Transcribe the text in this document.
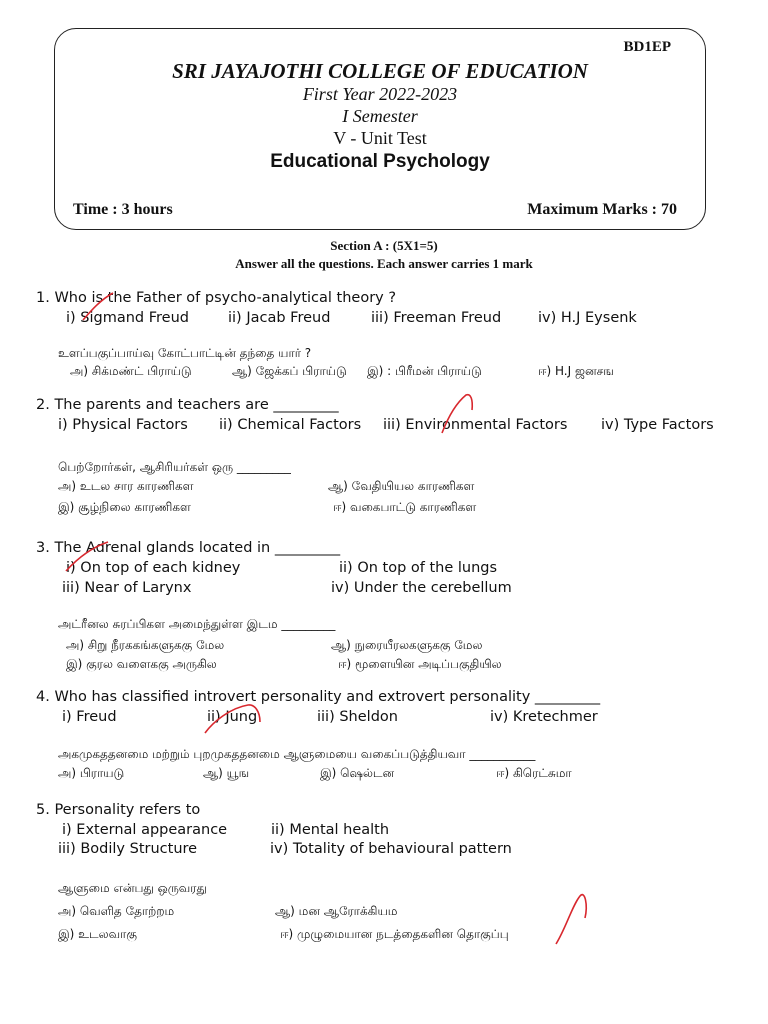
BD1EP
SRI JAYAJOTHI COLLEGE OF EDUCATION
First Year 2022-2023
I Semester
V - Unit Test
Educational Psychology
Time : 3 hours	Maximum Marks : 70
Section A : (5X1=5)
Answer all the questions. Each answer carries 1 mark
1. Who is the Father of psycho-analytical theory ?
i) Sigmand Freud	ii) Jacab Freud	iii) Freeman Freud	iv) H.J Eysenk
உளப்பகுப்பாய்வு கோட்பாட்டின் தந்தை யார் ?
அ) சிக்மண்ட் பிராய்டு	ஆ) ஜேக்கப் பிராய்டு இ) : பிரீமன் பிராய்டு	ஈ) H.J ஜனசங
2. The parents and teachers are _________
i) Physical Factors ii) Chemical Factors iii) Environmental Factors iv) Type Factors
பெற்றோர்கள், ஆசிரியர்கள் ஒரு _________
அ) உடல சார காரணிகள	ஆ) வேதியியல காரணிகள
இ) சூழ்நிலை காரணிகள	ஈ) வகைபாட்டு காரணிகள
3. The Adrenal glands located in _________
i) On top of each kidney	ii) On top of the lungs
iii) Near of Larynx	iv) Under the cerebellum
அட்ரீனல சுரப்பிகள அமைந்துள்ள இடம _________
அ) சிறு நீரககங்களுககு மேல	ஆ) நுரையீரலகளுககு மேல
இ) குரல வளைககு அருகில	ஈ) மூளையின அடிப்பகுதியில
4. Who has classified introvert personality and extrovert personality _________
i) Freud	ii) Jung	iii) Sheldon	iv) Kretechmer
அகமுகததனமை மற்றும் புறமுகததனமை ஆளுமையை வகைப்படுத்தியவா ___________
அ) பிராயடு	ஆ) யூங	இ) ஷெல்டன	ஈ) கிரெட்சுமா
5. Personality refers to
i) External appearance	ii) Mental health
iii) Bodily Structure	iv) Totality of behavioural pattern
ஆளுமை என்பது ஒருவரது
அ) வெளித தோற்றம	ஆ) மன ஆரோக்கியம
இ) உடலவாகு	ஈ) முழுமையான நடத்தைகளின தொகுப்பு
